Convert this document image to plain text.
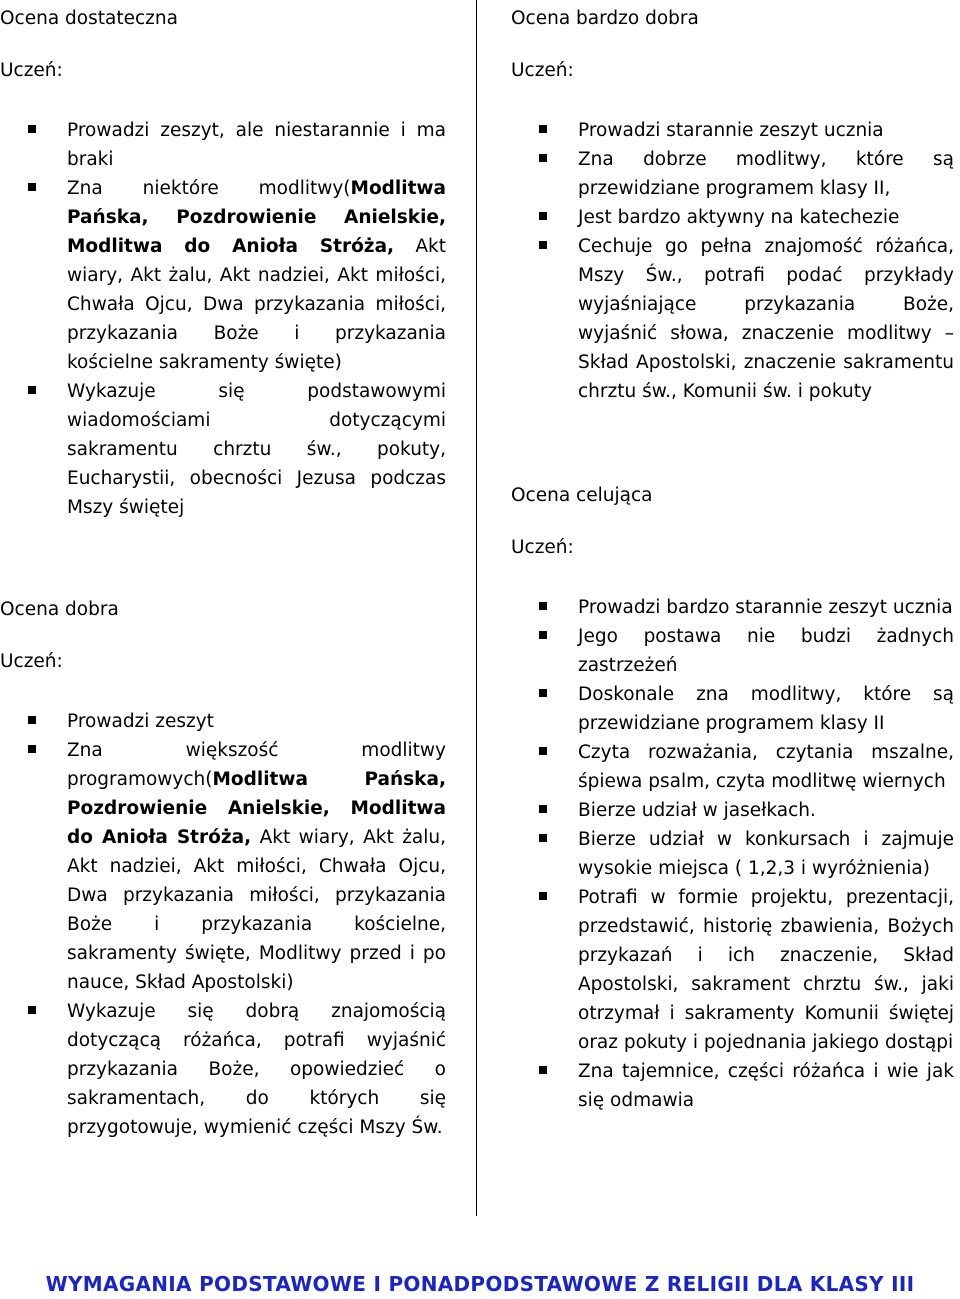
Ocena dostateczna
Uczeń:
Prowadzi zeszyt, ale niestarannie i ma braki
Zna niektóre modlitwy(Modlitwa Pańska, Pozdrowienie Anielskie, Modlitwa do Anioła Stróża, Akt wiary, Akt żalu, Akt nadziei, Akt miłości, Chwała Ojcu, Dwa przykazania miłości, przykazania Boże i przykazania kościelne sakramenty święte)
Wykazuje się podstawowymi wiadomościami dotyczącymi sakramentu chrztu św., pokuty, Eucharystii, obecności Jezusa podczas Mszy świętej
Ocena dobra
Uczeń:
Prowadzi zeszyt
Zna większość modlitwy programowych(Modlitwa Pańska, Pozdrowienie Anielskie, Modlitwa do Anioła Stróża, Akt wiary, Akt żalu, Akt nadziei, Akt miłości, Chwała Ojcu, Dwa przykazania miłości, przykazania Boże i przykazania kościelne, sakramenty święte, Modlitwy przed i po nauce, Skład Apostolski)
Wykazuje się dobrą znajomością dotyczącą różańca, potrafi wyjaśnić przykazania Boże, opowiedzieć o sakramentach, do których się przygotowuje, wymienić części Mszy Św.
Ocena bardzo dobra
Uczeń:
Prowadzi starannie zeszyt ucznia
Zna dobrze modlitwy, które są przewidziane programem klasy II,
Jest bardzo aktywny na katechezie
Cechuje go pełna znajomość różańca, Mszy Św., potrafi podać przykłady wyjaśniające przykazania Boże, wyjaśnić słowa, znaczenie modlitwy – Skład Apostolski, znaczenie sakramentu chrztu św., Komunii św. i pokuty
Ocena celująca
Uczeń:
Prowadzi bardzo starannie zeszyt ucznia
Jego postawa nie budzi żadnych zastrzeżeń
Doskonale zna modlitwy, które są przewidziane programem klasy II
Czyta rozważania, czytania mszalne, śpiewa psalm, czyta modlitwę wiernych
Bierze udział w jasełkach.
Bierze udział w konkursach i zajmuje wysokie miejsca ( 1,2,3 i wyróżnienia)
Potrafi w formie projektu, prezentacji, przedstawić, historię zbawienia, Bożych przykazań i ich znaczenie, Skład Apostolski, sakrament chrztu św., jaki otrzymał i sakramenty Komunii świętej oraz pokuty i pojednania jakiego dostąpi
Zna tajemnice, części różańca i wie jak się odmawia
WYMAGANIA PODSTAWOWE I PONADPODSTAWOWE Z RELIGII DLA KLASY III
